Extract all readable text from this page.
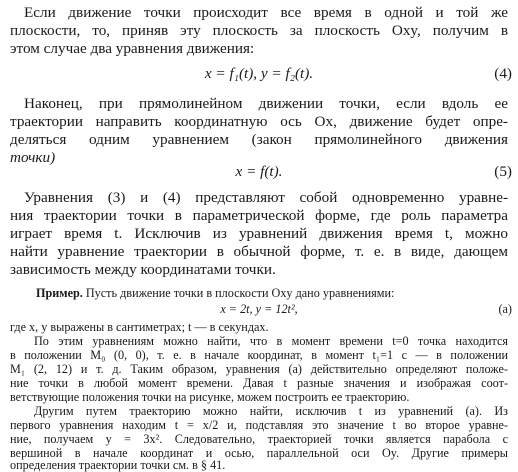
Если движение точки происходит все время в одной и той же
плоскости, то, приняв эту плоскость за плоскость Oxy, получим в
этом случае два уравнения движения:
x = f₁(t), y = f₂(t).	(4)
Наконец, при прямолинейном движении точки, если вдоль ее
траектории направить координатную ось Ox, движение будет опре-
деляться одним уравнением (закон прямолинейного движения
точки)
x = f(t).	(5)
Уравнения (3) и (4) представляют собой одновременно уравне-
ния траектории точки в параметрической форме, где роль параметра
играет время t. Исключив из уравнений движения время t, можно
найти уравнение траектории в обычной форме, т. е. в виде, дающем
зависимость между координатами точки.
Пример. Пусть движение точки в плоскости Oxy дано уравнениями:
x = 2t, y = 12t²,	(а)
где x, y выражены в сантиметрах; t — в секундах.
По этим уравнениям можно найти, что в момент времени t=0 точка находится
в положении M₀ (0, 0), т. е. в начале координат, в момент t₁=1 с — в положении
M₁ (2, 12) и т. д. Таким образом, уравнения (а) действительно определяют положе-
ние точки в любой момент времени. Давая t разные значения и изображая соот-
ветствующие положения точки на рисунке, можем построить ее траекторию.
Другим путем траекторию можно найти, исключив t из уравнений (а). Из
первого уравнения находим t = x/2 и, подставляя это значение t во второе уравне-
ние, получаем y = 3x². Следовательно, траекторией точки является парабола с
вершиной в начале координат и осью, параллельной оси Oy. Другие примеры
определения траектории точки см. в § 41.
